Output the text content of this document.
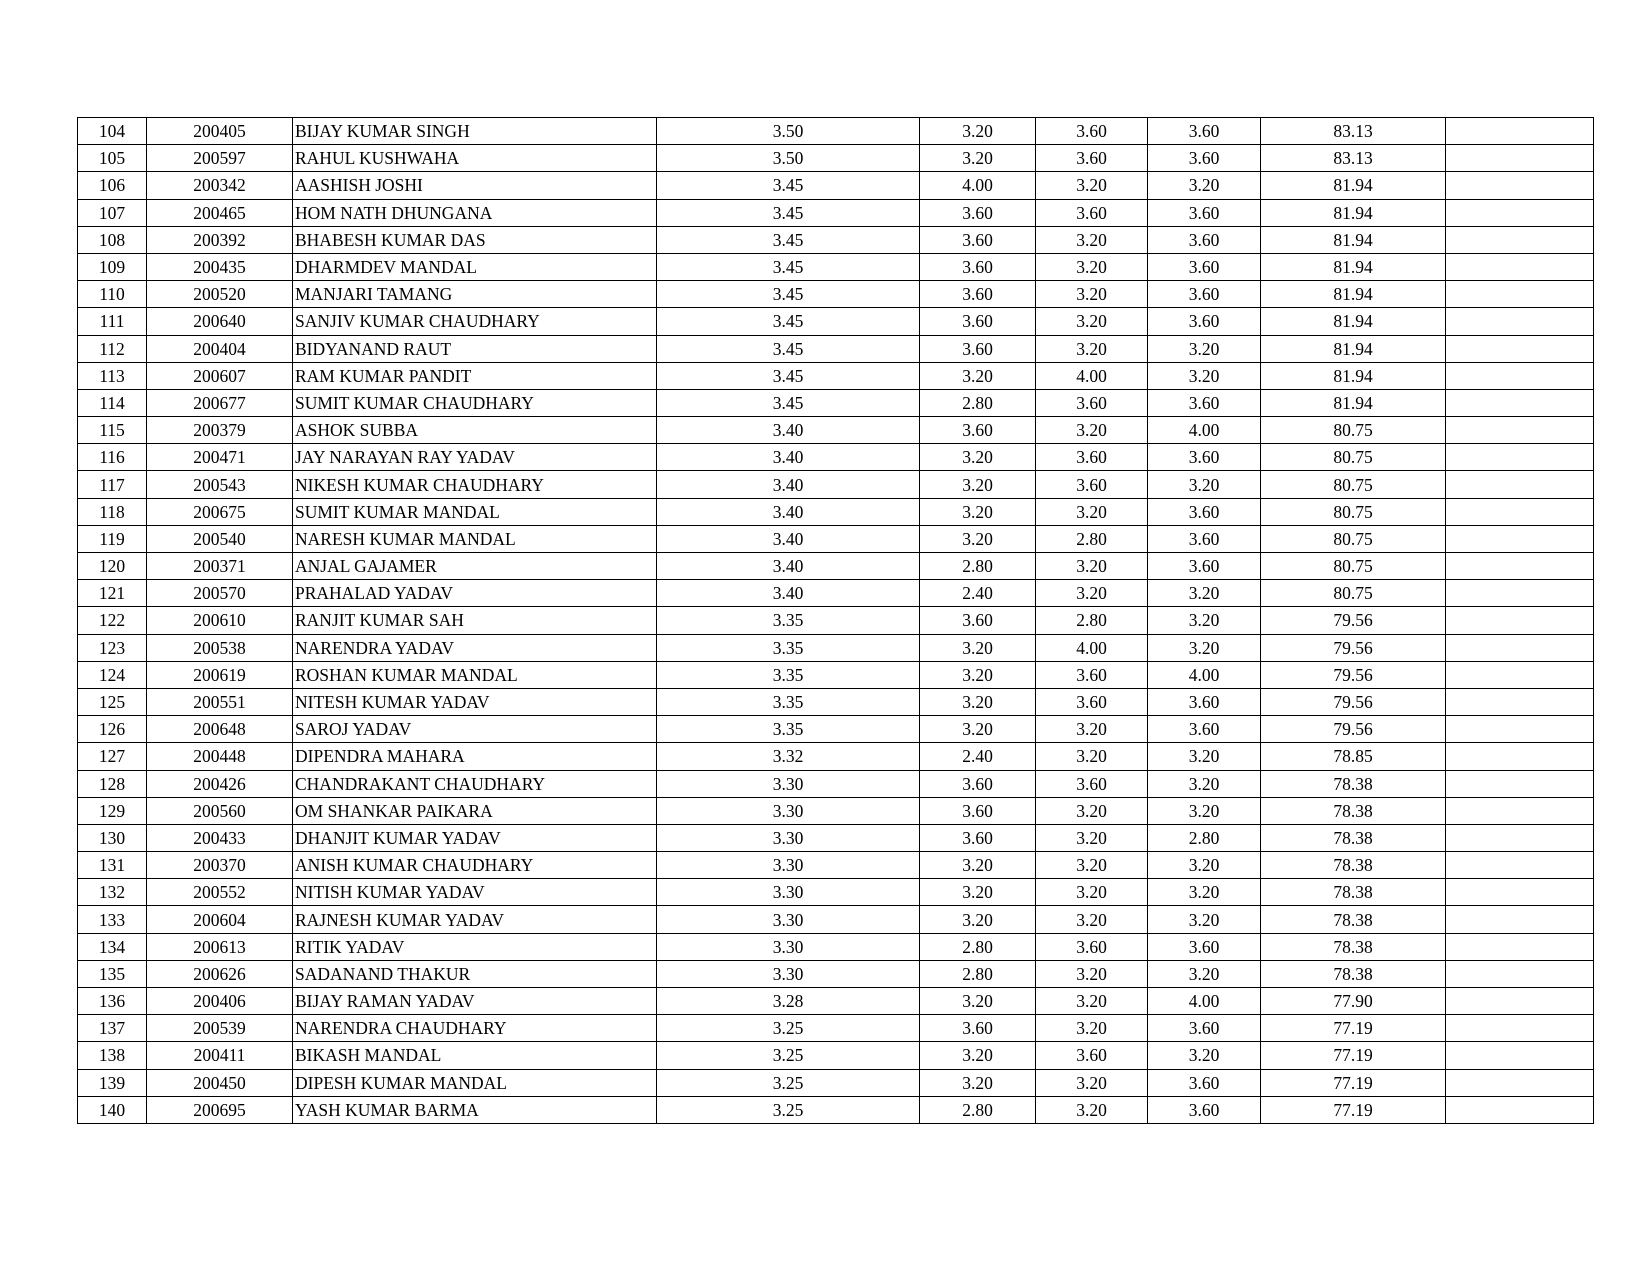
104	200405	BIJAY KUMAR SINGH	3.50	3.20	3.60	3.60	83.13	
105	200597	RAHUL KUSHWAHA	3.50	3.20	3.60	3.60	83.13	
106	200342	AASHISH JOSHI	3.45	4.00	3.20	3.20	81.94	
107	200465	HOM NATH DHUNGANA	3.45	3.60	3.60	3.60	81.94	
108	200392	BHABESH KUMAR DAS	3.45	3.60	3.20	3.60	81.94	
109	200435	DHARMDEV MANDAL	3.45	3.60	3.20	3.60	81.94	
110	200520	MANJARI TAMANG	3.45	3.60	3.20	3.60	81.94	
111	200640	SANJIV KUMAR CHAUDHARY	3.45	3.60	3.20	3.60	81.94	
112	200404	BIDYANAND RAUT	3.45	3.60	3.20	3.20	81.94	
113	200607	RAM KUMAR PANDIT	3.45	3.20	4.00	3.20	81.94	
114	200677	SUMIT KUMAR CHAUDHARY	3.45	2.80	3.60	3.60	81.94	
115	200379	ASHOK SUBBA	3.40	3.60	3.20	4.00	80.75	
116	200471	JAY NARAYAN RAY YADAV	3.40	3.20	3.60	3.60	80.75	
117	200543	NIKESH KUMAR CHAUDHARY	3.40	3.20	3.60	3.20	80.75	
118	200675	SUMIT KUMAR MANDAL	3.40	3.20	3.20	3.60	80.75	
119	200540	NARESH KUMAR MANDAL	3.40	3.20	2.80	3.60	80.75	
120	200371	ANJAL GAJAMER	3.40	2.80	3.20	3.60	80.75	
121	200570	PRAHALAD YADAV	3.40	2.40	3.20	3.20	80.75	
122	200610	RANJIT KUMAR SAH	3.35	3.60	2.80	3.20	79.56	
123	200538	NARENDRA YADAV	3.35	3.20	4.00	3.20	79.56	
124	200619	ROSHAN KUMAR MANDAL	3.35	3.20	3.60	4.00	79.56	
125	200551	NITESH KUMAR YADAV	3.35	3.20	3.60	3.60	79.56	
126	200648	SAROJ YADAV	3.35	3.20	3.20	3.60	79.56	
127	200448	DIPENDRA MAHARA	3.32	2.40	3.20	3.20	78.85	
128	200426	CHANDRAKANT CHAUDHARY	3.30	3.60	3.60	3.20	78.38	
129	200560	OM SHANKAR PAIKARA	3.30	3.60	3.20	3.20	78.38	
130	200433	DHANJIT KUMAR YADAV	3.30	3.60	3.20	2.80	78.38	
131	200370	ANISH KUMAR CHAUDHARY	3.30	3.20	3.20	3.20	78.38	
132	200552	NITISH KUMAR YADAV	3.30	3.20	3.20	3.20	78.38	
133	200604	RAJNESH KUMAR YADAV	3.30	3.20	3.20	3.20	78.38	
134	200613	RITIK YADAV	3.30	2.80	3.60	3.60	78.38	
135	200626	SADANAND THAKUR	3.30	2.80	3.20	3.20	78.38	
136	200406	BIJAY RAMAN YADAV	3.28	3.20	3.20	4.00	77.90	
137	200539	NARENDRA CHAUDHARY	3.25	3.60	3.20	3.60	77.19	
138	200411	BIKASH MANDAL	3.25	3.20	3.60	3.20	77.19	
139	200450	DIPESH KUMAR MANDAL	3.25	3.20	3.20	3.60	77.19	
140	200695	YASH KUMAR BARMA	3.25	2.80	3.20	3.60	77.19	
